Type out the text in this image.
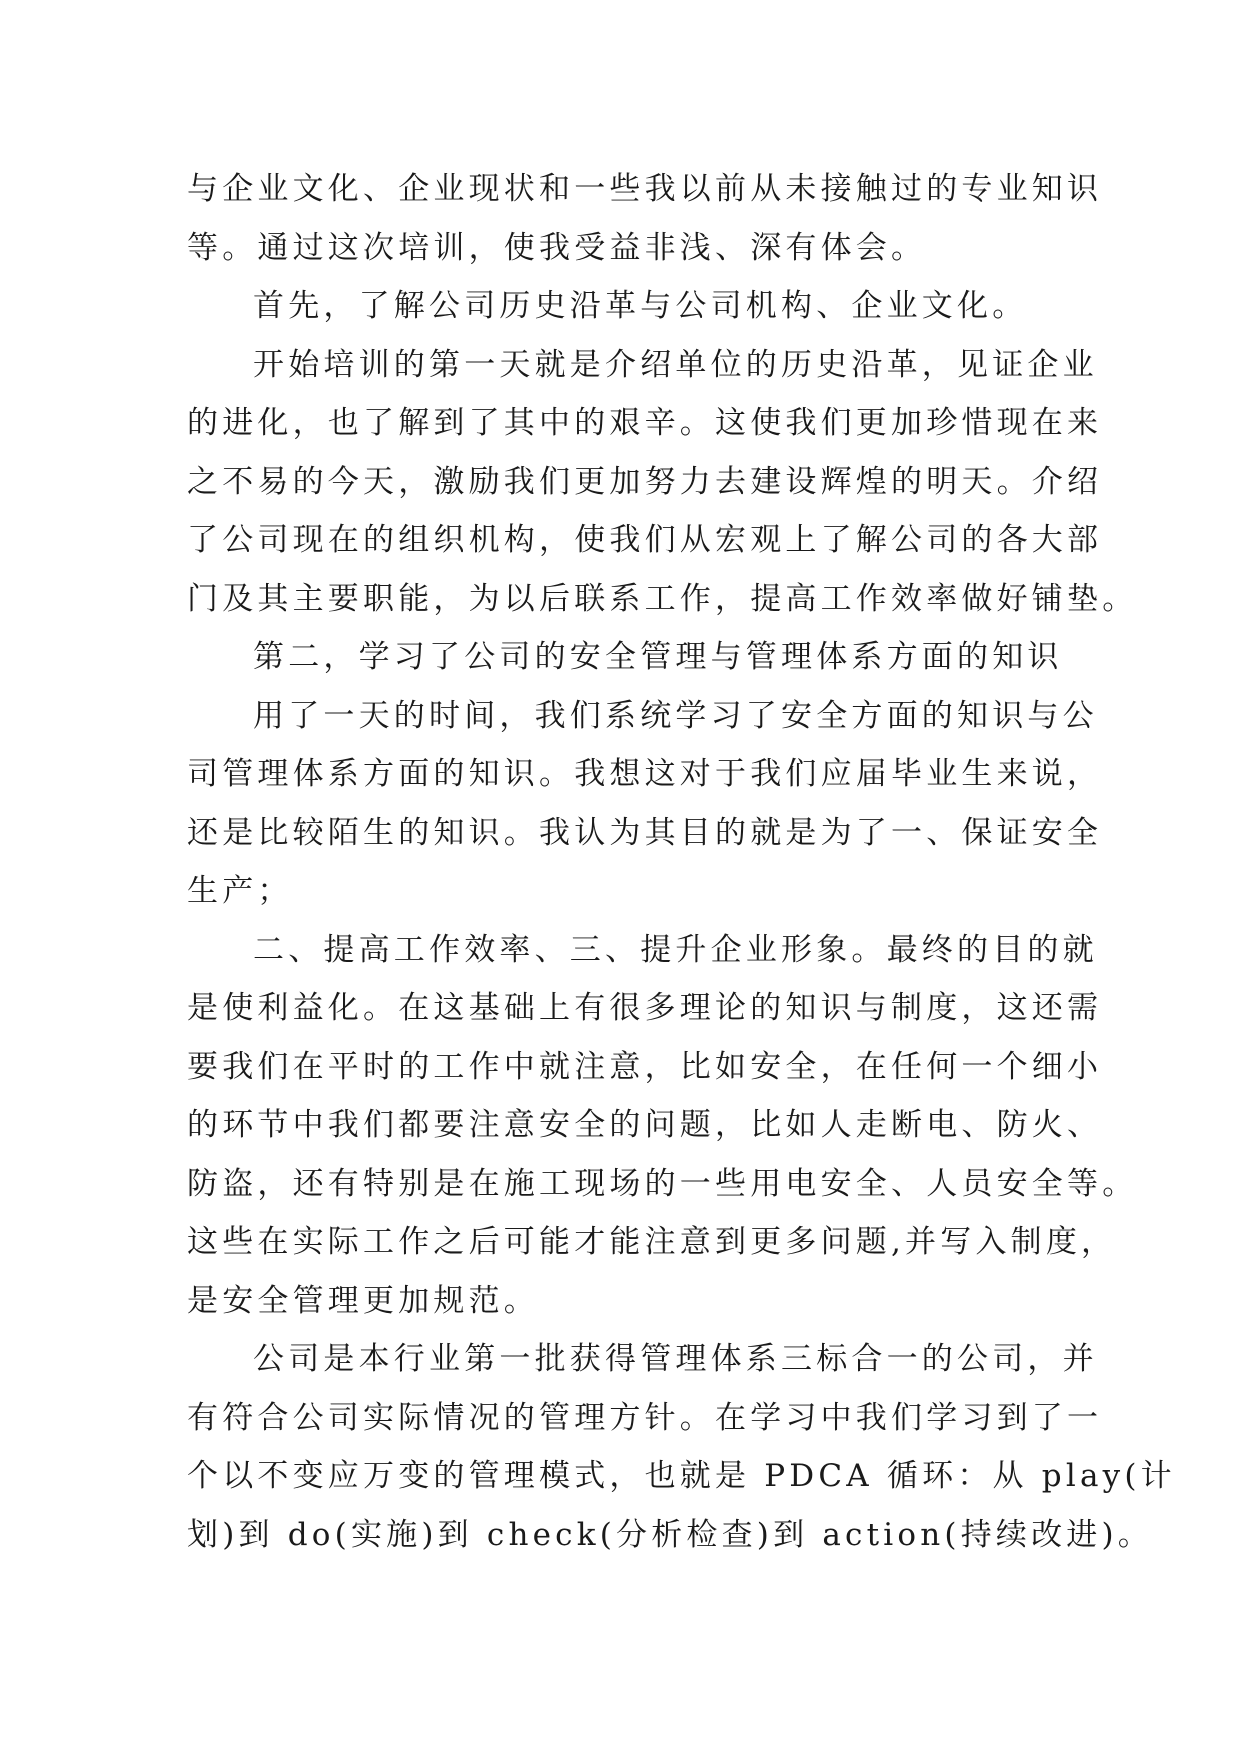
与企业文化、企业现状和一些我以前从未接触过的专业知识
等。通过这次培训，使我受益非浅、深有体会。
首先，了解公司历史沿革与公司机构、企业文化。
开始培训的第一天就是介绍单位的历史沿革，见证企业
的进化，也了解到了其中的艰辛。这使我们更加珍惜现在来
之不易的今天，激励我们更加努力去建设辉煌的明天。介绍
了公司现在的组织机构，使我们从宏观上了解公司的各大部
门及其主要职能，为以后联系工作，提高工作效率做好铺垫。
第二，学习了公司的安全管理与管理体系方面的知识
用了一天的时间，我们系统学习了安全方面的知识与公
司管理体系方面的知识。我想这对于我们应届毕业生来说，
还是比较陌生的知识。我认为其目的就是为了一、保证安全
生产；
二、提高工作效率、三、提升企业形象。最终的目的就
是使利益化。在这基础上有很多理论的知识与制度，这还需
要我们在平时的工作中就注意，比如安全，在任何一个细小
的环节中我们都要注意安全的问题，比如人走断电、防火、
防盗，还有特别是在施工现场的一些用电安全、人员安全等。
这些在实际工作之后可能才能注意到更多问题,并写入制度，
是安全管理更加规范。
公司是本行业第一批获得管理体系三标合一的公司，并
有符合公司实际情况的管理方针。在学习中我们学习到了一
个以不变应万变的管理模式，也就是 PDCA 循环：从 play(计
划)到 do(实施)到 check(分析检查)到 action(持续改进)。
